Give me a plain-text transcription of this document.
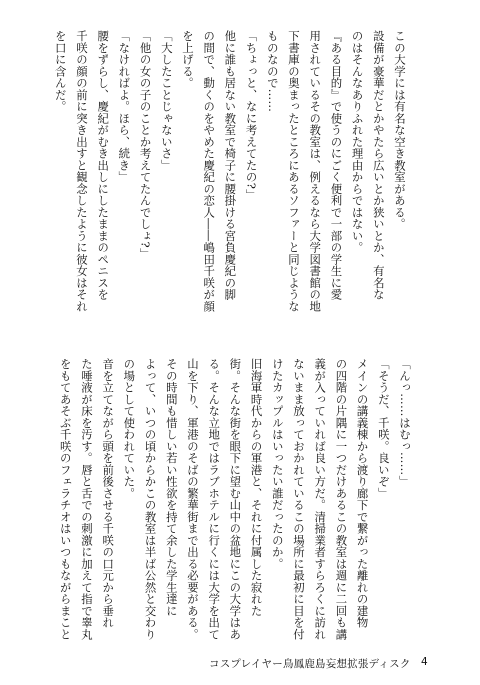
この大学には有名な空き教室がある。
設備が豪華だとかやたら広いとか狭いとか、有名な
のはそんなありふれた理由からではない。
『ある目的』で使うのにごく便利で一部の学生に愛
用されているその教室は、例えるなら大学図書館の地
下書庫の奥まったところにあるソファーと同じような
ものなので……
「ちょっと、なに考えてたの?」
他に誰も居ない教室で椅子に腰掛ける宮負慶紀の脚
の間で、動くのをやめた慶紀の恋人――嶋田千咲が顔
を上げる。
「大したことじゃないさ」
「他の女の子のことか考えてたんでしょ?」
「なければよ。ほら、続き」
腰をずらし、慶紀がむき出しにしたままのペニスを
千咲の顔の前に突き出すと観念したように彼女はそれ
を口に含んだ。
「んっ……はむっ……」
「そうだ、千咲。良いぞ」
メインの講義棟から渡り廊下で繋がった離れの建物
の四階の片隅に一つだけあるこの教室は週に二回も講
義が入っていれば良い方だ。清掃業者すらろくに訪れ
ないまま放っておかれているこの場所に最初に目を付
けたカップルはいったい誰だったのか。
旧海軍時代からの軍港と、それに付属した寂れた
街。そんな街を眼下に望む山中の盆地にこの大学はあ
る。そんな立地ではラブホテルに行くには大学を出て
山を下り、軍港のそばの繁華街まで出る必要がある。
その時間も惜しい若い性欲を持て余した学生達に
よって、いつの頃からかこの教室は半ば公然と交わり
の場として使われていた。
音を立てながら頭を前後させる千咲の口元から垂れ
た唾液が床を汚す。唇と舌での刺激に加えて指で睾丸
をもてあそぶ千咲のフェラチオはいつもながらまこと
コスプレイヤー鳥鳳鹿島妄想拡張ディスク 4
